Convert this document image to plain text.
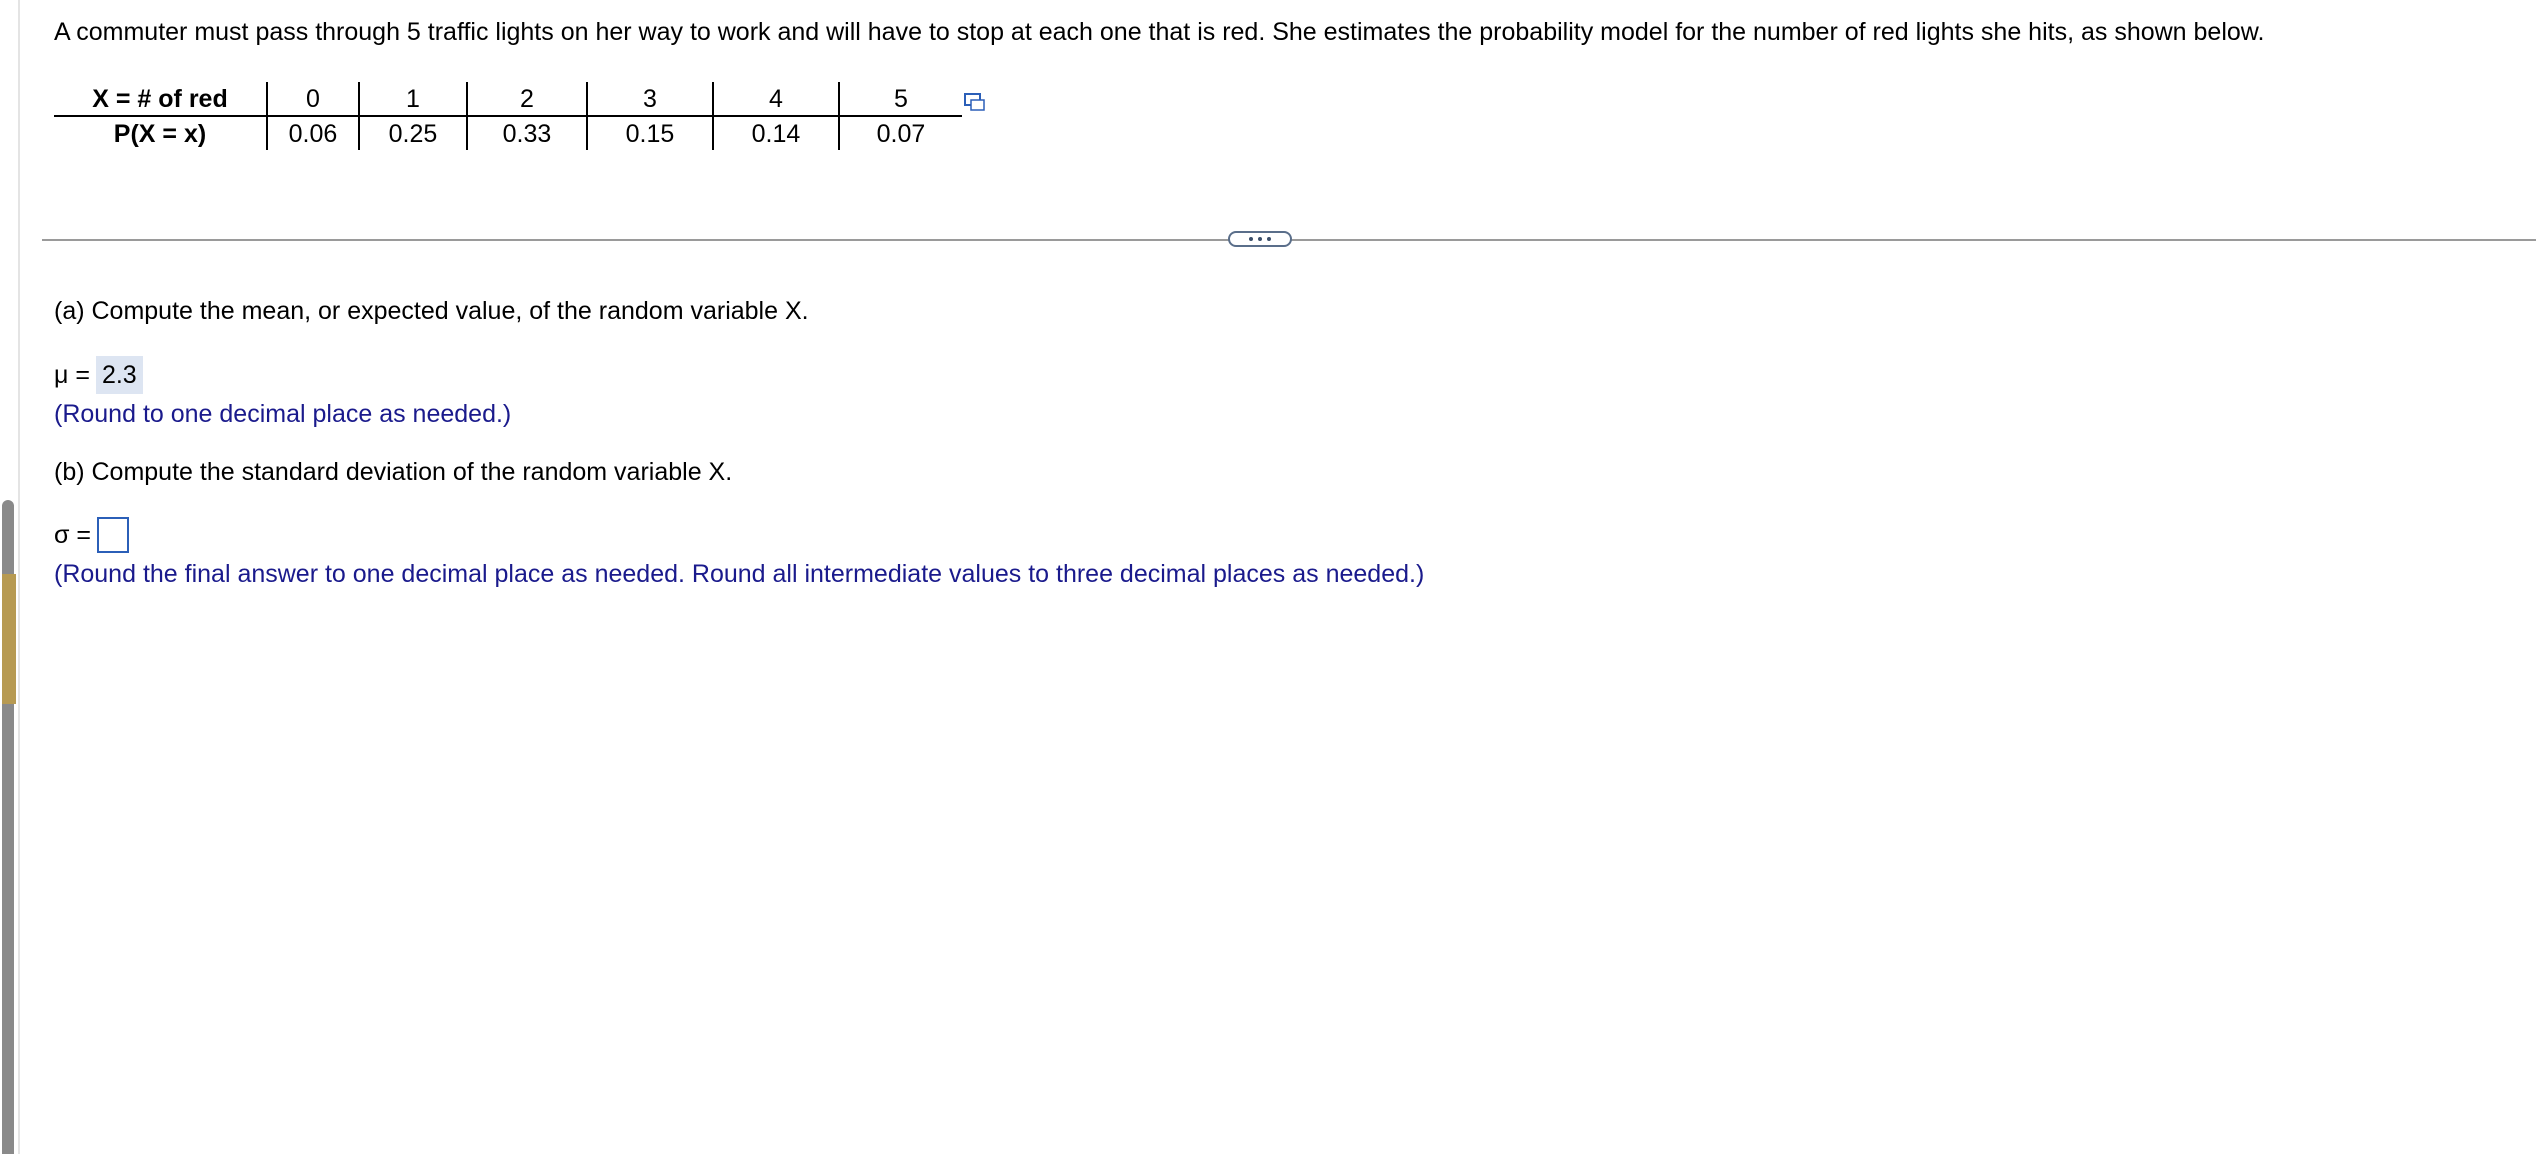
A commuter must pass through 5 traffic lights on her way to work and will have to stop at each one that is red. She estimates the probability model for the number of red lights she hits, as shown below.
X = # of red	0	1	2	3	4	5
P(X = x)	0.06	0.25	0.33	0.15	0.14	0.07
(a) Compute the mean, or expected value, of the random variable X.
μ = 2.3
(Round to one decimal place as needed.)
(b) Compute the standard deviation of the random variable X.
σ =
(Round the final answer to one decimal place as needed. Round all intermediate values to three decimal places as needed.)
